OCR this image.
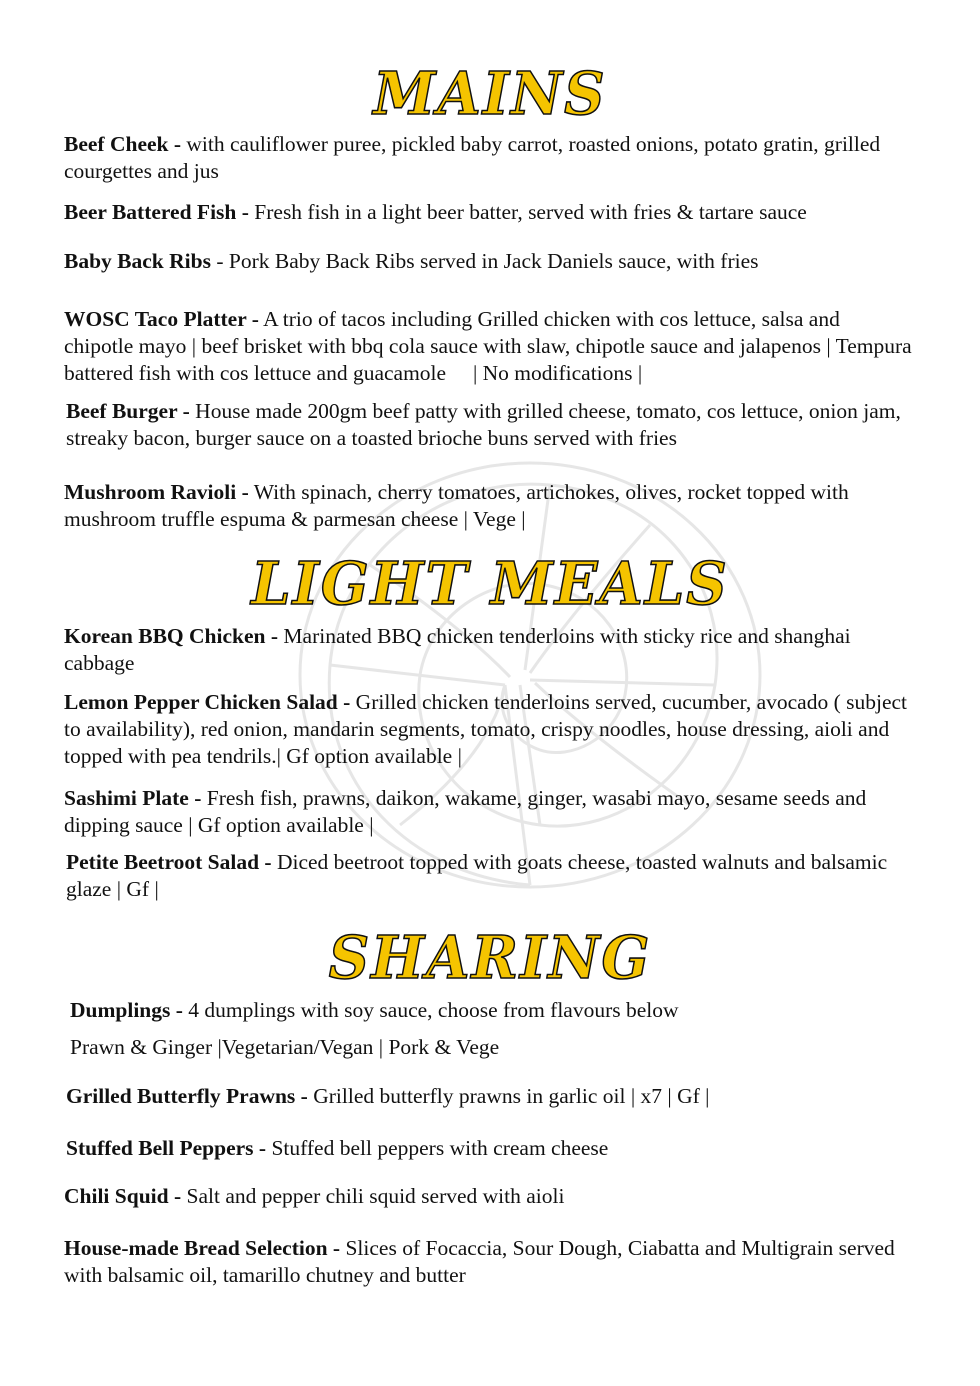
MAINS
Beef Cheek - with cauliflower puree, pickled baby carrot, roasted onions, potato gratin, grilled courgettes and jus
Beer Battered Fish - Fresh fish in a light beer batter, served with fries & tartare sauce
Baby Back Ribs - Pork Baby Back Ribs served in Jack Daniels sauce, with fries
WOSC Taco Platter - A trio of tacos including Grilled chicken with cos lettuce, salsa and chipotle mayo | beef brisket with bbq cola sauce with slaw, chipotle sauce and jalapenos | Tempura battered fish with cos lettuce and guacamole     | No modifications |
Beef Burger - House made 200gm beef patty with grilled cheese, tomato, cos lettuce, onion jam, streaky bacon, burger sauce on a toasted brioche buns served with fries
Mushroom Ravioli - With spinach, cherry tomatoes, artichokes, olives, rocket topped with mushroom truffle espuma & parmesan cheese | Vege |
LIGHT MEALS
Korean BBQ Chicken - Marinated BBQ chicken tenderloins with sticky rice and shanghai cabbage
Lemon Pepper Chicken Salad - Grilled chicken tenderloins served, cucumber, avocado ( subject to availability), red onion, mandarin segments, tomato, crispy noodles, house dressing, aioli and topped with pea tendrils.| Gf option available |
Sashimi Plate - Fresh fish, prawns, daikon, wakame, ginger, wasabi mayo, sesame seeds and dipping sauce | Gf option available |
Petite Beetroot Salad - Diced beetroot topped with goats cheese, toasted walnuts and balsamic glaze | Gf |
SHARING
Dumplings - 4 dumplings with soy sauce, choose from flavours below
Prawn & Ginger |Vegetarian/Vegan | Pork & Vege
Grilled Butterfly Prawns - Grilled butterfly prawns in garlic oil | x7 | Gf |
Stuffed Bell Peppers - Stuffed bell peppers with cream cheese
Chili Squid - Salt and pepper chili squid served with aioli
House-made Bread Selection - Slices of Focaccia, Sour Dough, Ciabatta and Multigrain served with balsamic oil, tamarillo chutney and butter
